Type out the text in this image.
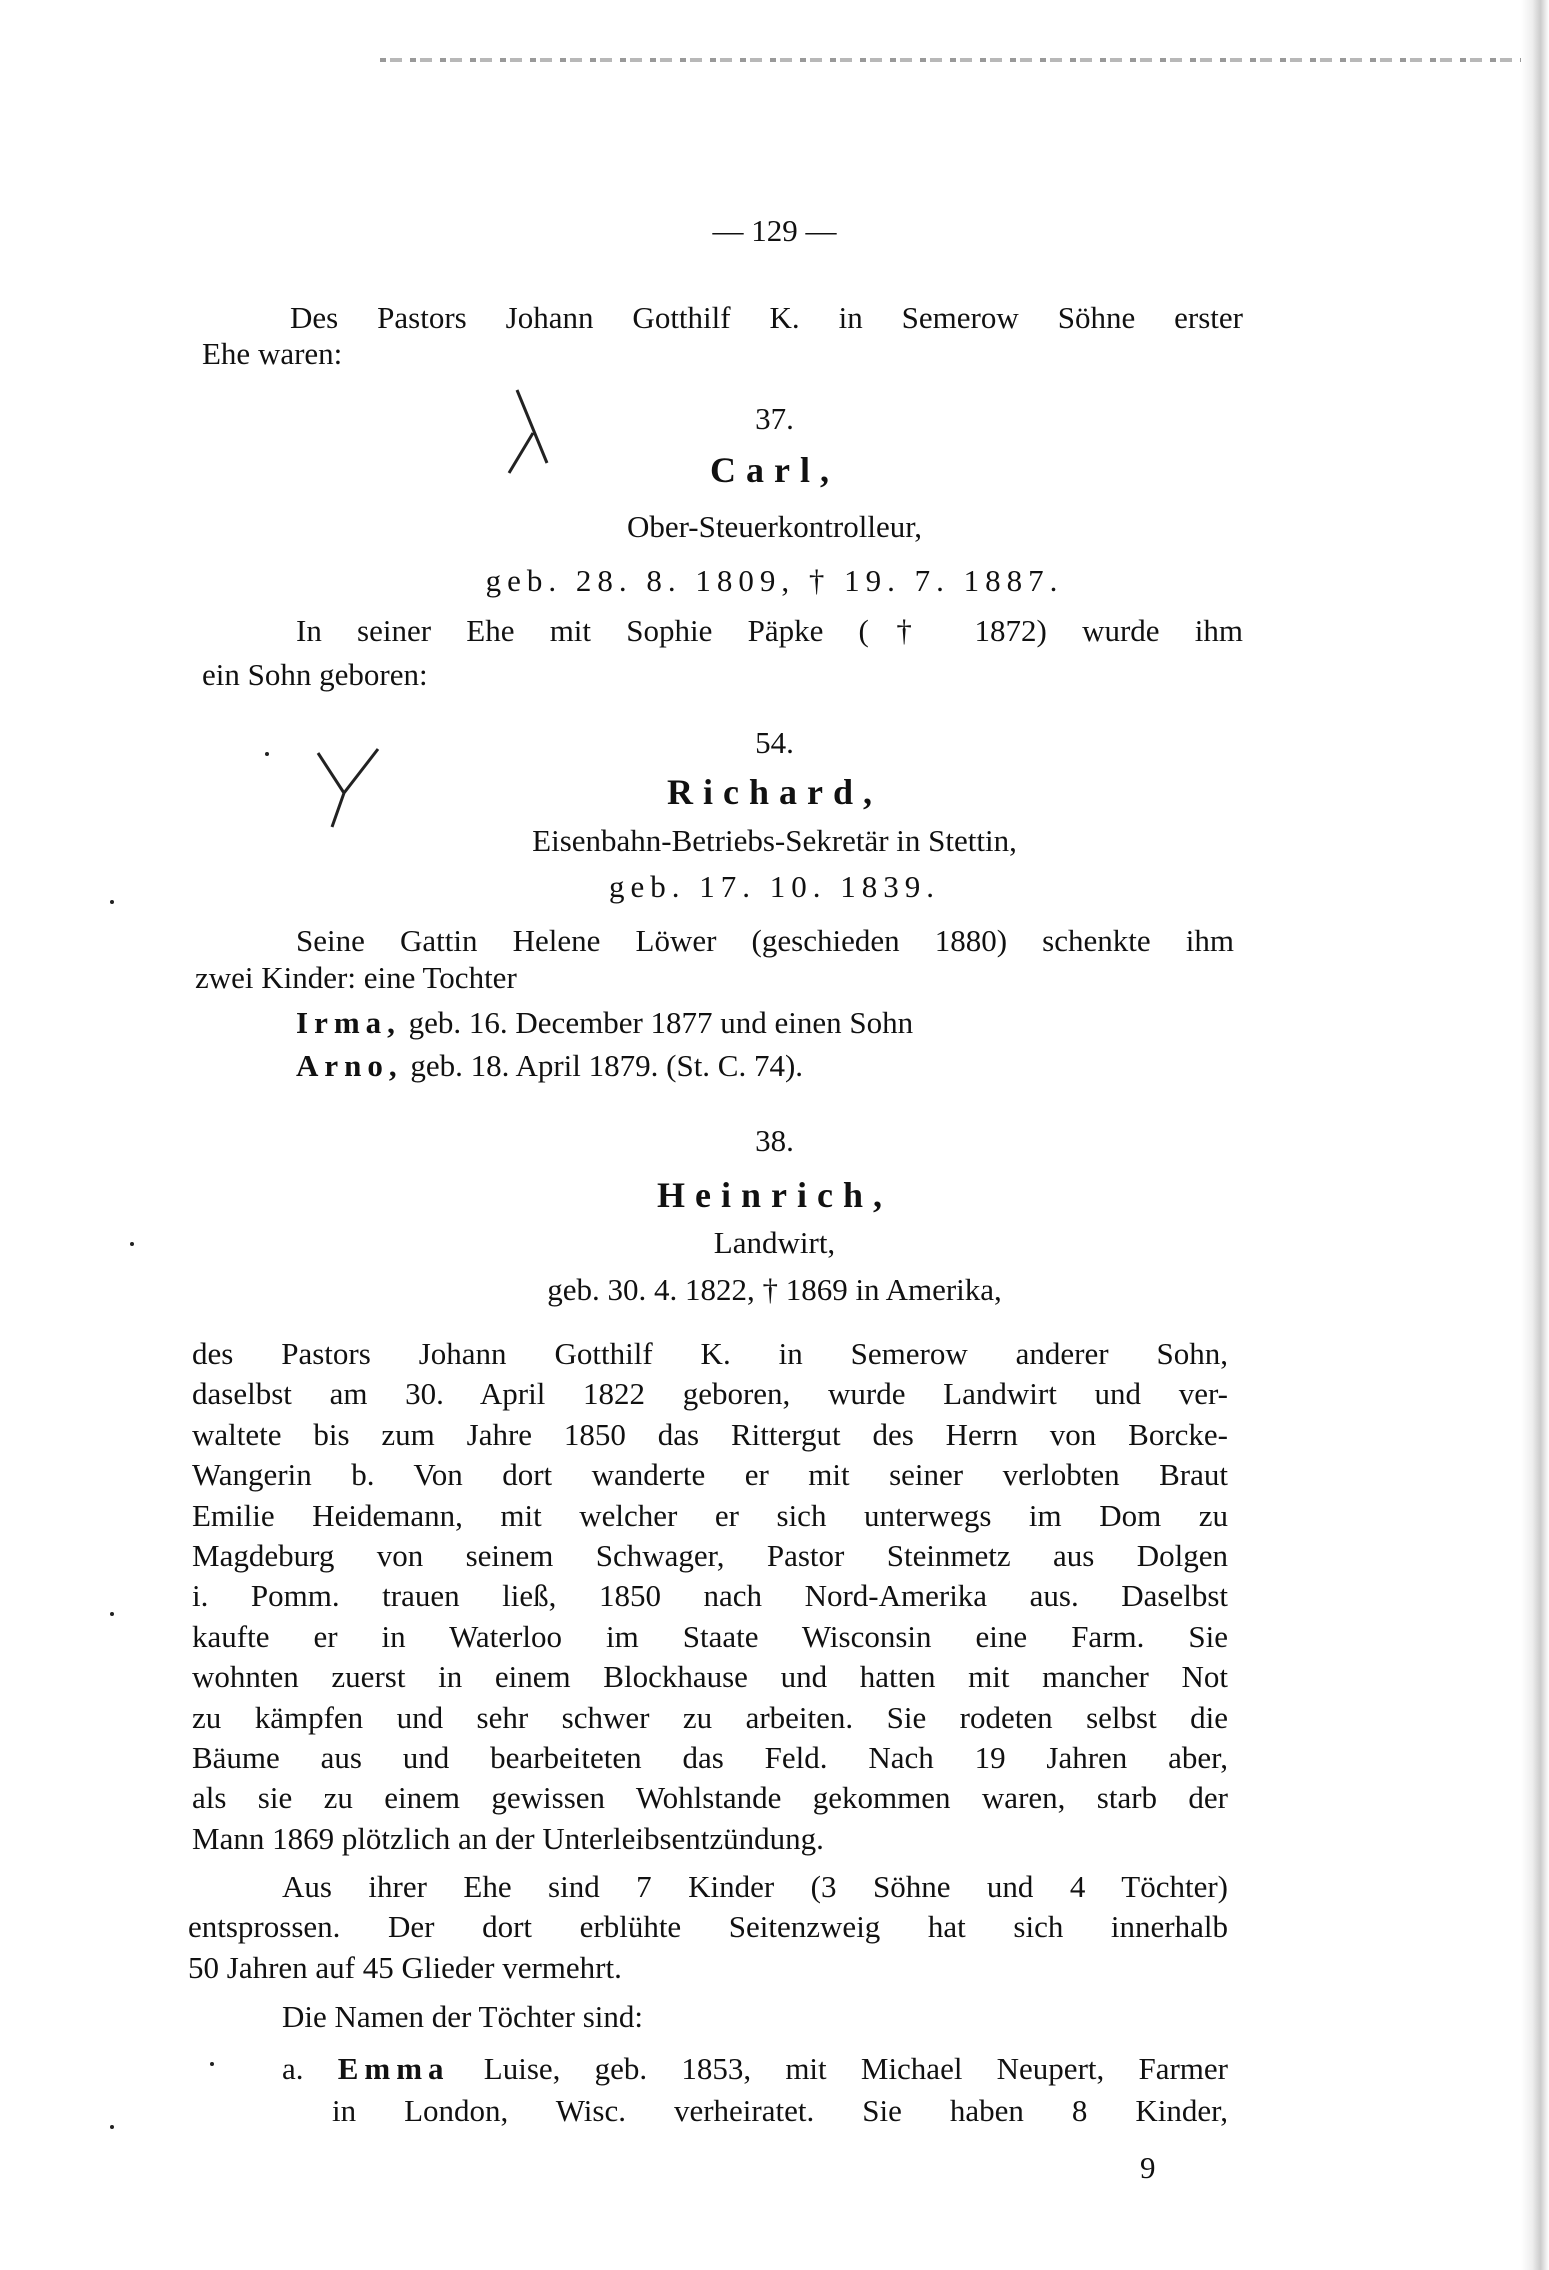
— 129 —
Des Pastors Johann Gotthilf K. in Semerow Söhne erster
Ehe waren:
37.
Carl,
Ober-Steuerkontrolleur,
geb. 28. 8. 1809, † 19. 7. 1887.
In seiner Ehe mit Sophie Päpke († 1872) wurde ihm
ein Sohn geboren:
54.
Richard,
Eisenbahn-Betriebs-Sekretär in Stettin,
geb. 17. 10. 1839.
Seine Gattin Helene Löwer (geschieden 1880) schenkte ihm
zwei Kinder: eine Tochter
Irma, geb. 16. December 1877 und einen Sohn
Arno, geb. 18. April 1879. (St. C. 74).
38.
Heinrich,
Landwirt,
geb. 30. 4. 1822, † 1869 in Amerika,
des Pastors Johann Gotthilf K. in Semerow anderer Sohn,
daselbst am 30. April 1822 geboren, wurde Landwirt und ver-
waltete bis zum Jahre 1850 das Rittergut des Herrn von Borcke-
Wangerin b. Von dort wanderte er mit seiner verlobten Braut
Emilie Heidemann, mit welcher er sich unterwegs im Dom zu
Magdeburg von seinem Schwager, Pastor Steinmetz aus Dolgen
i. Pomm. trauen ließ, 1850 nach Nord-Amerika aus. Daselbst
kaufte er in Waterloo im Staate Wisconsin eine Farm. Sie
wohnten zuerst in einem Blockhause und hatten mit mancher Not
zu kämpfen und sehr schwer zu arbeiten. Sie rodeten selbst die
Bäume aus und bearbeiteten das Feld. Nach 19 Jahren aber,
als sie zu einem gewissen Wohlstande gekommen waren, starb der
Mann 1869 plötzlich an der Unterleibsentzündung.
Aus ihrer Ehe sind 7 Kinder (3 Söhne und 4 Töchter)
entsprossen. Der dort erblühte Seitenzweig hat sich innerhalb
50 Jahren auf 45 Glieder vermehrt.
Die Namen der Töchter sind:
a. Emma Luise, geb. 1853, mit Michael Neupert, Farmer
in London, Wisc. verheiratet. Sie haben 8 Kinder,
9
